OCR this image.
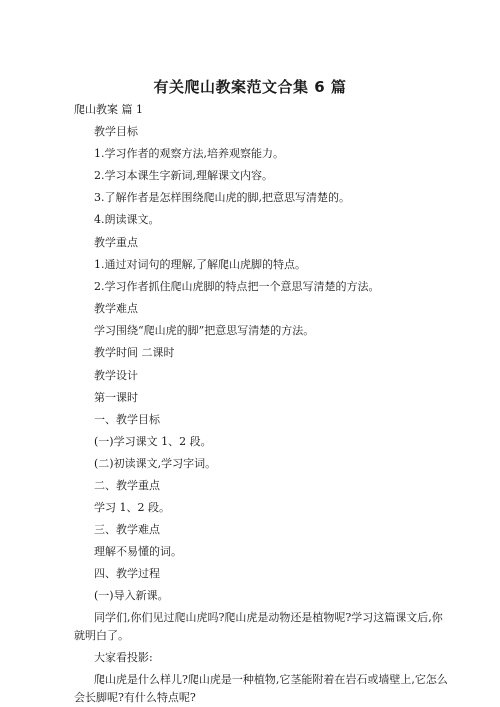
有关爬山教案范文合集 6 篇
爬山教案 篇 1
教学目标
1.学习作者的观察方法,培养观察能力。
2.学习本课生字新词,理解课文内容。
3.了解作者是怎样围绕爬山虎的脚,把意思写清楚的。
4.朗读课文。
教学重点
1.通过对词句的理解,了解爬山虎脚的特点。
2.学习作者抓住爬山虎脚的特点把一个意思写清楚的方法。
教学难点
学习围绕“爬山虎的脚”把意思写清楚的方法。
教学时间 二课时
教学设计
第一课时
一、教学目标
(一)学习课文 1、2 段。
(二)初读课文,学习字词。
二、教学重点
学习 1、2 段。
三、教学难点
理解不易懂的词。
四、教学过程
(一)导入新课。
同学们,你们见过爬山虎吗?爬山虎是动物还是植物呢?学习这篇课文后,你
就明白了。
大家看投影:
爬山虎是什么样儿?爬山虎是一种植物,它茎能附着在岩石或墙壁上,它怎么
会长脚呢?有什么特点呢?
